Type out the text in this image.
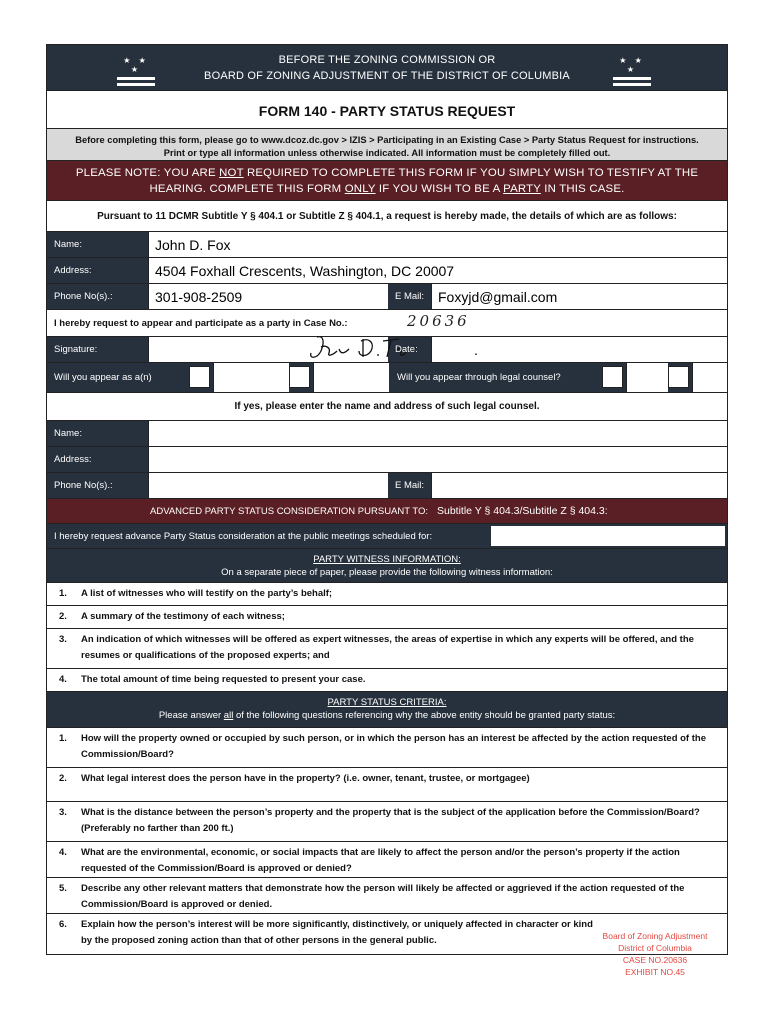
★ ★ ★
BEFORE THE ZONING COMMISSION OR
BOARD OF ZONING ADJUSTMENT OF THE DISTRICT OF COLUMBIA
★ ★ ★
FORM 140 - PARTY STATUS REQUEST
Before completing this form, please go to www.dcoz.dc.gov > IZIS > Participating in an Existing Case > Party Status Request for instructions.
Print or type all information unless otherwise indicated. All information must be completely filled out.
PLEASE NOTE: YOU ARE NOT REQUIRED TO COMPLETE THIS FORM IF YOU SIMPLY WISH TO TESTIFY AT THE
HEARING. COMPLETE THIS FORM ONLY IF YOU WISH TO BE A PARTY IN THIS CASE.
Pursuant to 11 DCMR Subtitle Y § 404.1 or Subtitle Z § 404.1, a request is hereby made, the details of which are as follows:
Name:	John D. Fox
Address:	4504 Foxhall Crescents, Washington, DC 20007
Phone No(s).:	301-908-2509	E Mail: Foxyjd@gmail.com
I hereby request to appear and participate as a party in Case No.:	20636
Signature:	Date:	.
Will you appear as a(n)	Proponent	Opponent	Will you appear through legal counsel?	Yes	No
If yes, please enter the name and address of such legal counsel.
Name:
Address:
Phone No(s).:	E Mail:
ADVANCED PARTY STATUS CONSIDERATION PURSUANT TO: Subtitle Y § 404.3/Subtitle Z § 404.3:
I hereby request advance Party Status consideration at the public meetings scheduled for:
PARTY WITNESS INFORMATION:
On a separate piece of paper, please provide the following witness information:
1. A list of witnesses who will testify on the party’s behalf;
2. A summary of the testimony of each witness;
3. An indication of which witnesses will be offered as expert witnesses, the areas of expertise in which any experts will be offered, and the resumes or qualifications of the proposed experts; and
4. The total amount of time being requested to present your case.
PARTY STATUS CRITERIA:
Please answer all of the following questions referencing why the above entity should be granted party status:
1. How will the property owned or occupied by such person, or in which the person has an interest be affected by the action requested of the Commission/Board?
2. What legal interest does the person have in the property? (i.e. owner, tenant, trustee, or mortgagee)
3. What is the distance between the person’s property and the property that is the subject of the application before the Commission/Board? (Preferably no farther than 200 ft.)
4. What are the environmental, economic, or social impacts that are likely to affect the person and/or the person’s property if the action requested of the Commission/Board is approved or denied?
5. Describe any other relevant matters that demonstrate how the person will likely be affected or aggrieved if the action requested of the Commission/Board is approved or denied.
6. Explain how the person’s interest will be more significantly, distinctively, or uniquely affected in character or kind by the proposed zoning action than that of other persons in the general public.	Board of Zoning Adjustment
District of Columbia
CASE NO.20636
EXHIBIT NO.45
